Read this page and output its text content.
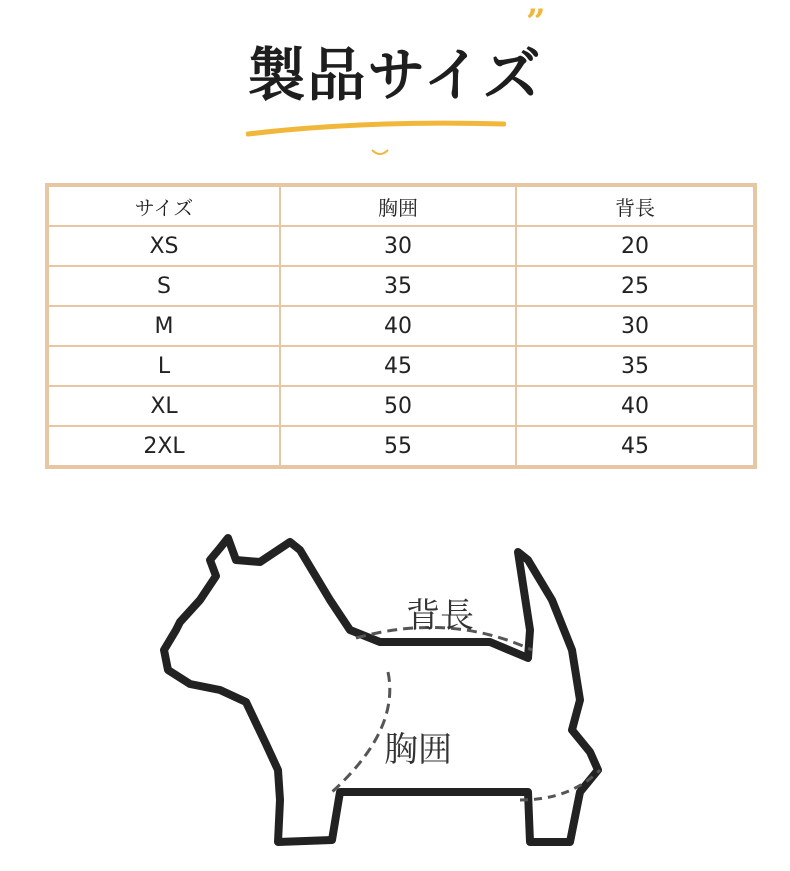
製品サイズ
”
サイズ	胸囲	背長
XS	30	20
S	35	25
M	40	30
L	45	35
XL	50	40
2XL	55	45
背長
胸囲
